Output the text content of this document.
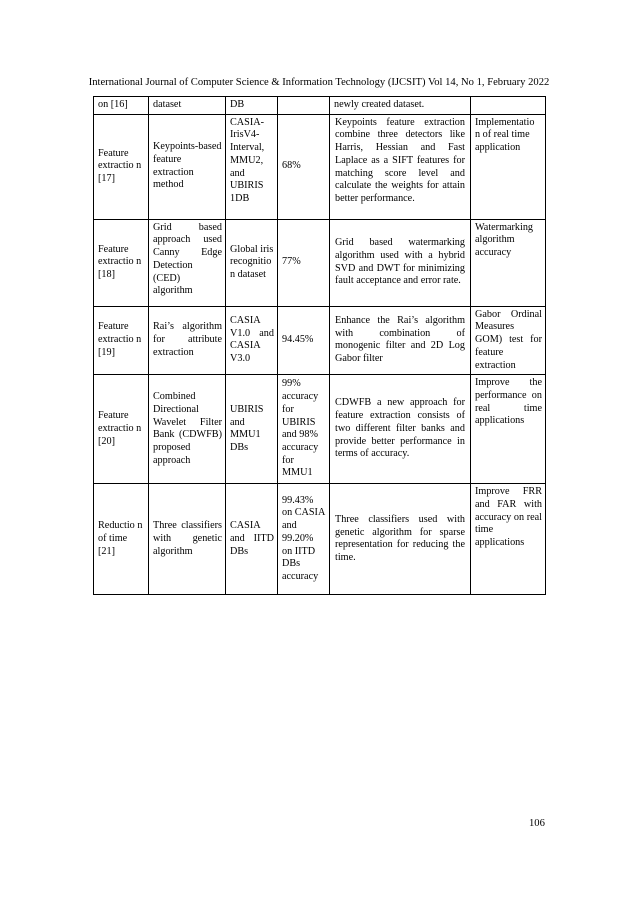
International Journal of Computer Science & Information Technology (IJCSIT) Vol 14, No 1, February 2022
on [16]	dataset	DB		newly created dataset.	
Feature extractio n [17]	Keypoints-based feature extraction method	CASIA-IrisV4-Interval, MMU2, and UBIRIS 1DB	68%	Keypoints feature extraction combine three detectors like Harris, Hessian and Fast Laplace as a SIFT features for matching score level and calculate the weights for attain better performance.	Implementatio n of real time application
Feature extractio n [18]	Grid based approach used Canny Edge Detection (CED) algorithm	Global iris recognitio n dataset	77%	Grid based watermarking algorithm used with a hybrid SVD and DWT for minimizing fault acceptance and error rate.	Watermarking algorithm accuracy
Feature extractio n [19]	Rai’s algorithm for attribute extraction	CASIA V1.0 and CASIA V3.0	94.45%	Enhance the Rai’s algorithm with combination of monogenic filter and 2D Log Gabor filter	Gabor Ordinal Measures GOM) test for feature extraction
Feature extractio n [20]	Combined Directional Wavelet Filter Bank (CDWFB) proposed approach	UBIRIS and MMU1 DBs	99% accuracy for UBIRIS and 98% accuracy for MMU1	CDWFB a new approach for feature extraction consists of two different filter banks and provide better performance in terms of accuracy.	Improve the performance on real time applications
Reductio n of time [21]	Three classifiers with genetic algorithm	CASIA and IITD DBs	99.43% on CASIA and 99.20% on IITD DBs accuracy	Three classifiers used with genetic algorithm for sparse representation for reducing the time.	Improve FRR and FAR with accuracy on real time applications
106
